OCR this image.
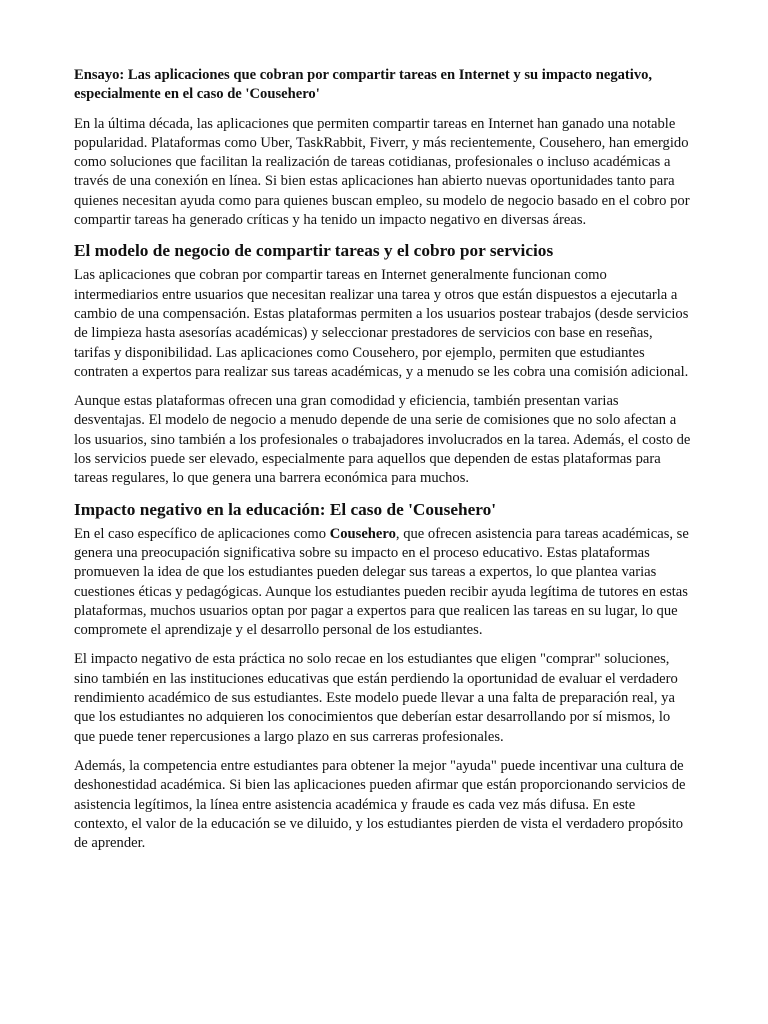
Ensayo: Las aplicaciones que cobran por compartir tareas en Internet y su impacto negativo, especialmente en el caso de 'Cousehero'

En la última década, las aplicaciones que permiten compartir tareas en Internet han ganado una notable popularidad. Plataformas como Uber, TaskRabbit, Fiverr, y más recientemente, Cousehero, han emergido como soluciones que facilitan la realización de tareas cotidianas, profesionales o incluso académicas a través de una conexión en línea. Si bien estas aplicaciones han abierto nuevas oportunidades tanto para quienes necesitan ayuda como para quienes buscan empleo, su modelo de negocio basado en el cobro por compartir tareas ha generado críticas y ha tenido un impacto negativo en diversas áreas.

El modelo de negocio de compartir tareas y el cobro por servicios

Las aplicaciones que cobran por compartir tareas en Internet generalmente funcionan como intermediarios entre usuarios que necesitan realizar una tarea y otros que están dispuestos a ejecutarla a cambio de una compensación. Estas plataformas permiten a los usuarios postear trabajos (desde servicios de limpieza hasta asesorías académicas) y seleccionar prestadores de servicios con base en reseñas, tarifas y disponibilidad. Las aplicaciones como Cousehero, por ejemplo, permiten que estudiantes contraten a expertos para realizar sus tareas académicas, y a menudo se les cobra una comisión adicional.

Aunque estas plataformas ofrecen una gran comodidad y eficiencia, también presentan varias desventajas. El modelo de negocio a menudo depende de una serie de comisiones que no solo afectan a los usuarios, sino también a los profesionales o trabajadores involucrados en la tarea. Además, el costo de los servicios puede ser elevado, especialmente para aquellos que dependen de estas plataformas para tareas regulares, lo que genera una barrera económica para muchos.

Impacto negativo en la educación: El caso de 'Cousehero'

En el caso específico de aplicaciones como Cousehero, que ofrecen asistencia para tareas académicas, se genera una preocupación significativa sobre su impacto en el proceso educativo. Estas plataformas promueven la idea de que los estudiantes pueden delegar sus tareas a expertos, lo que plantea varias cuestiones éticas y pedagógicas. Aunque los estudiantes pueden recibir ayuda legítima de tutores en estas plataformas, muchos usuarios optan por pagar a expertos para que realicen las tareas en su lugar, lo que compromete el aprendizaje y el desarrollo personal de los estudiantes.

El impacto negativo de esta práctica no solo recae en los estudiantes que eligen "comprar" soluciones, sino también en las instituciones educativas que están perdiendo la oportunidad de evaluar el verdadero rendimiento académico de sus estudiantes. Este modelo puede llevar a una falta de preparación real, ya que los estudiantes no adquieren los conocimientos que deberían estar desarrollando por sí mismos, lo que puede tener repercusiones a largo plazo en sus carreras profesionales.

Además, la competencia entre estudiantes para obtener la mejor "ayuda" puede incentivar una cultura de deshonestidad académica. Si bien las aplicaciones pueden afirmar que están proporcionando servicios de asistencia legítimos, la línea entre asistencia académica y fraude es cada vez más difusa. En este contexto, el valor de la educación se ve diluido, y los estudiantes pierden de vista el verdadero propósito de aprender.
